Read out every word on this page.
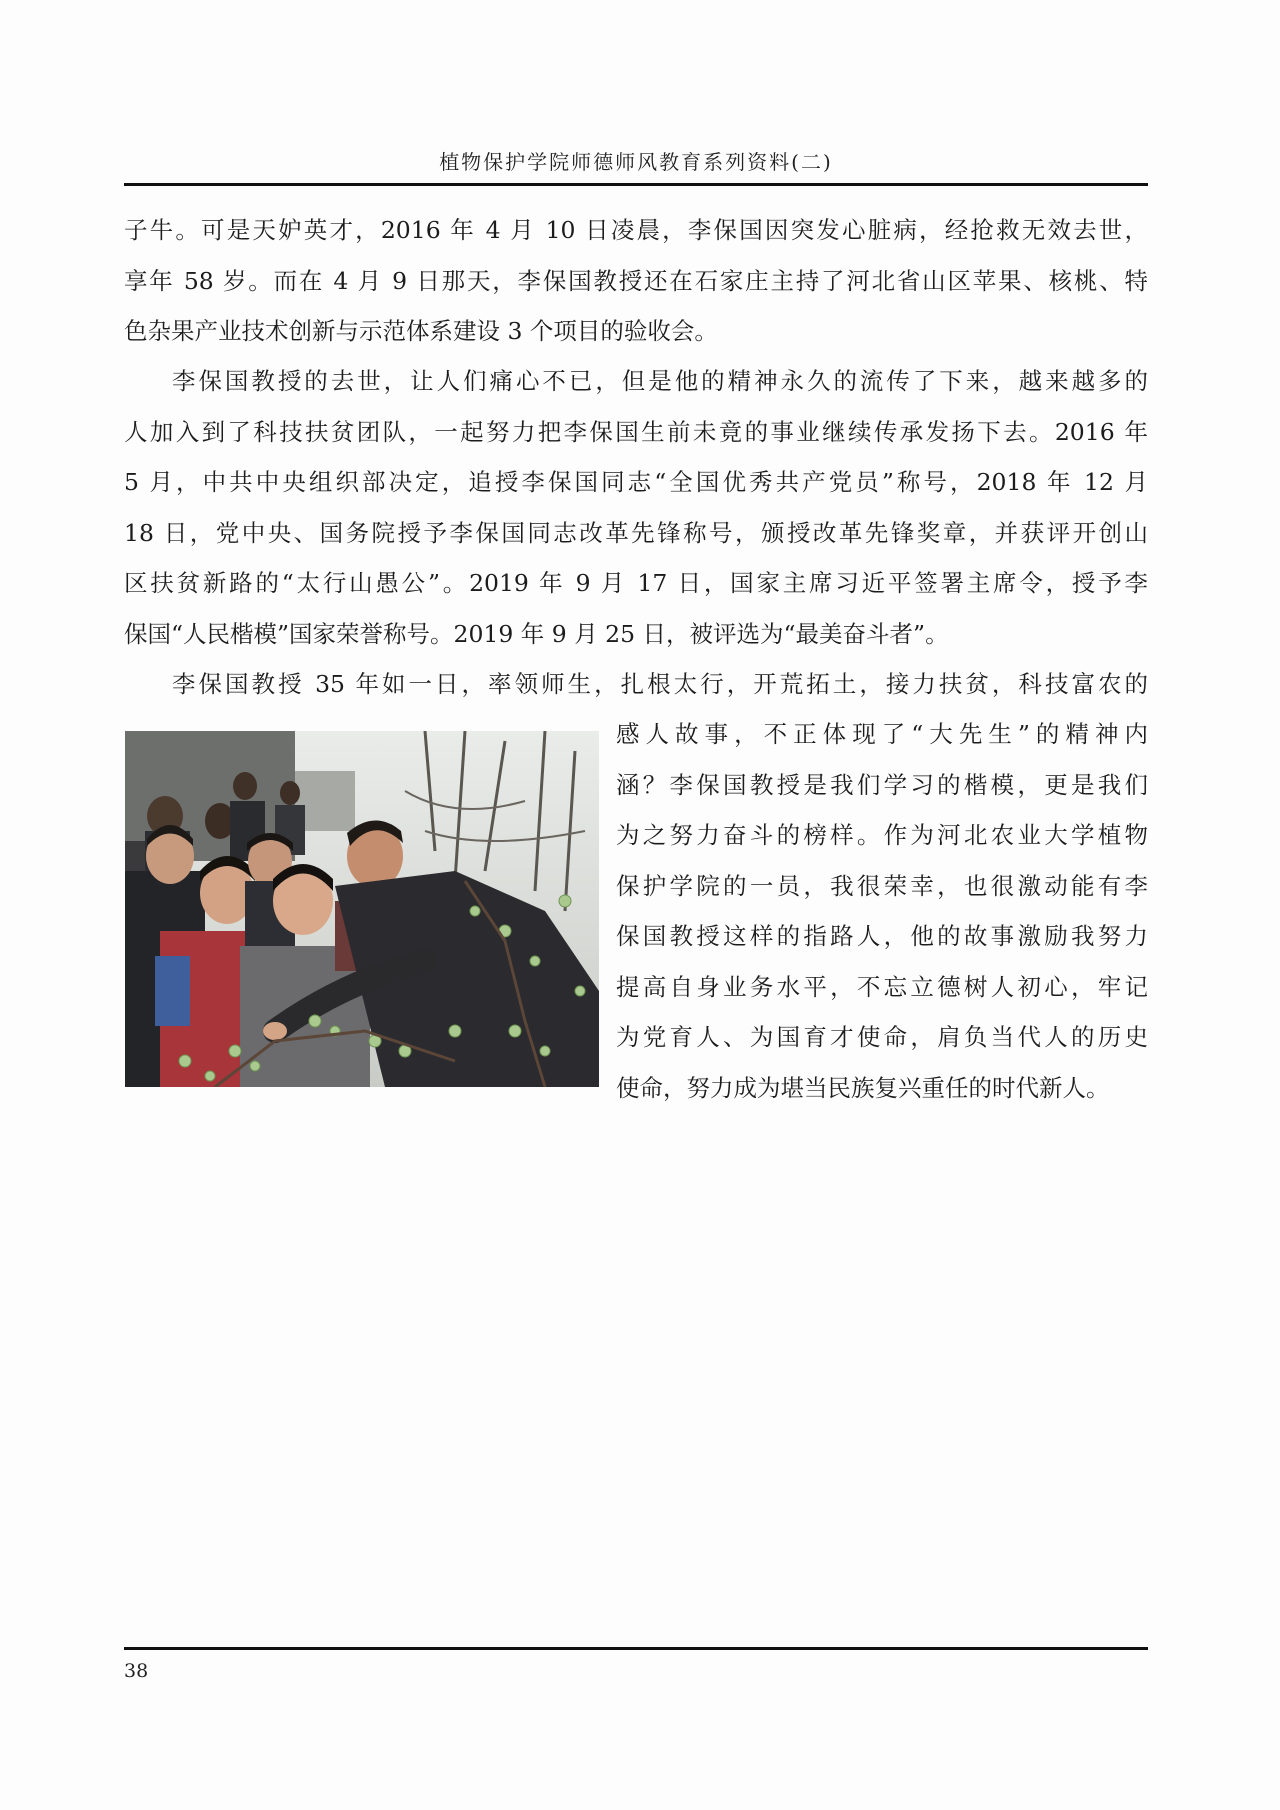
植物保护学院师德师风教育系列资料(二)
子牛。可是天妒英才，2016 年 4 月 10 日凌晨，李保国因突发心脏病，经抢救无效去世，
享年 58 岁。而在 4 月 9 日那天，李保国教授还在石家庄主持了河北省山区苹果、核桃、特
色杂果产业技术创新与示范体系建设 3 个项目的验收会。
李保国教授的去世，让人们痛心不已，但是他的精神永久的流传了下来，越来越多的
人加入到了科技扶贫团队，一起努力把李保国生前未竟的事业继续传承发扬下去。2016 年
5 月，中共中央组织部决定，追授李保国同志“全国优秀共产党员”称号，2018 年 12 月
18 日，党中央、国务院授予李保国同志改革先锋称号，颁授改革先锋奖章，并获评开创山
区扶贫新路的“太行山愚公”。2019 年 9 月 17 日，国家主席习近平签署主席令，授予李
保国“人民楷模”国家荣誉称号。2019 年 9 月 25 日，被评选为“最美奋斗者”。
李保国教授 35 年如一日，率领师生，扎根太行，开荒拓土，接力扶贫，科技富农的
感人故事，不正体现了“大先生”的精神内
涵？李保国教授是我们学习的楷模，更是我们
为之努力奋斗的榜样。作为河北农业大学植物
保护学院的一员，我很荣幸，也很激动能有李
保国教授这样的指路人，他的故事激励我努力
提高自身业务水平，不忘立德树人初心，牢记
为党育人、为国育才使命，肩负当代人的历史
使命，努力成为堪当民族复兴重任的时代新人。
38
